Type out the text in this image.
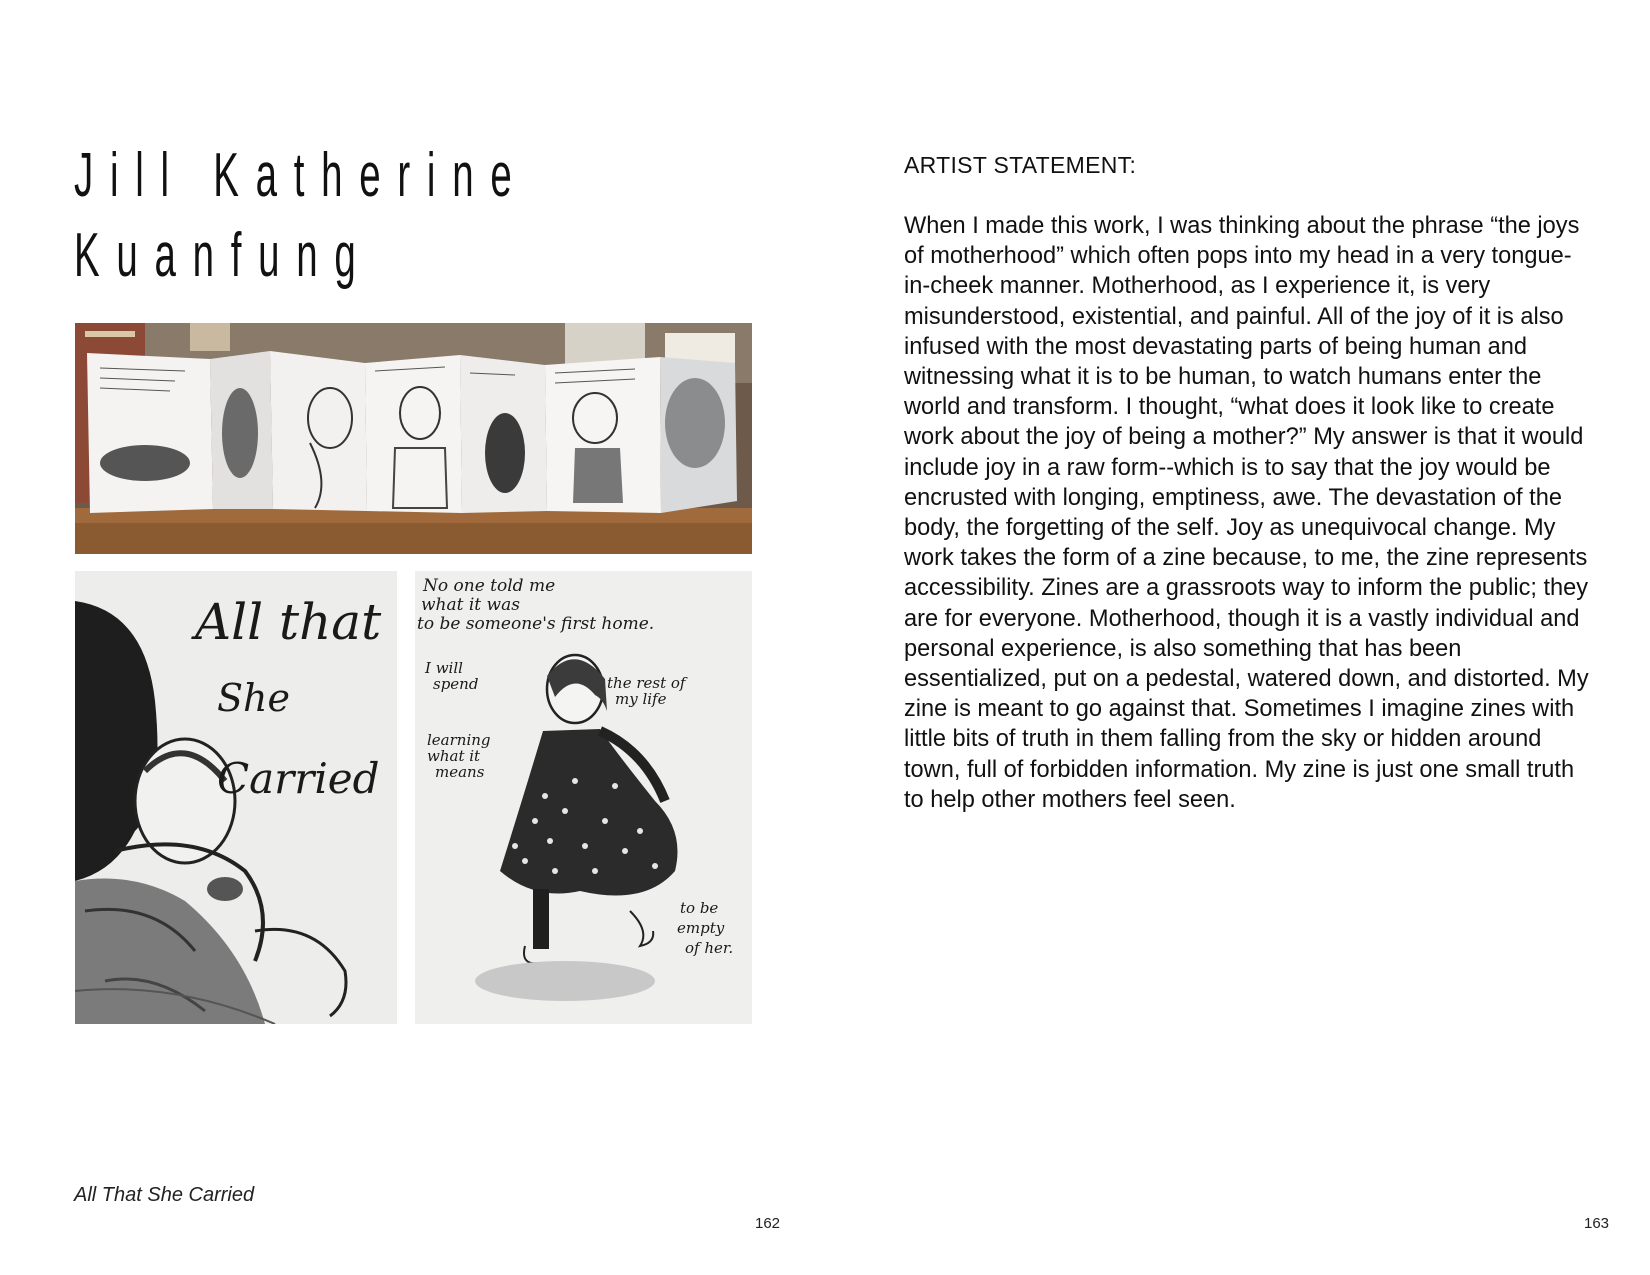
Jill Katherine
Kuanfung
All that
She
Carried
No one told me what it was to be someone's first home.
I will spend	the rest of my life
learning what it means
to be empty of her.
ARTIST STATEMENT:

When I made this work, I was thinking about the phrase “the joys of motherhood” which often pops into my head in a very tongue-in-cheek manner. Motherhood, as I experience it, is very misunderstood, existential, and painful. All of the joy of it is also infused with the most devastating parts of being human and witnessing what it is to be human, to watch humans enter the world and transform. I thought, “what does it look like to create work about the joy of being a mother?” My answer is that it would include joy in a raw form--which is to say that the joy would be encrusted with longing, emptiness, awe. The devastation of the body, the forgetting of the self. Joy as unequivocal change. My work takes the form of a zine because, to me, the zine represents accessibility. Zines are a grassroots way to inform the public; they are for everyone. Motherhood, though it is a vastly individual and personal experience, is also something that has been essentialized, put on a pedestal, watered down, and distorted. My zine is meant to go against that. Sometimes I imagine zines with little bits of truth in them falling from the sky or hidden around town, full of forbidden information. My zine is just one small truth to help other mothers feel seen.

All That She Carried
162	163
